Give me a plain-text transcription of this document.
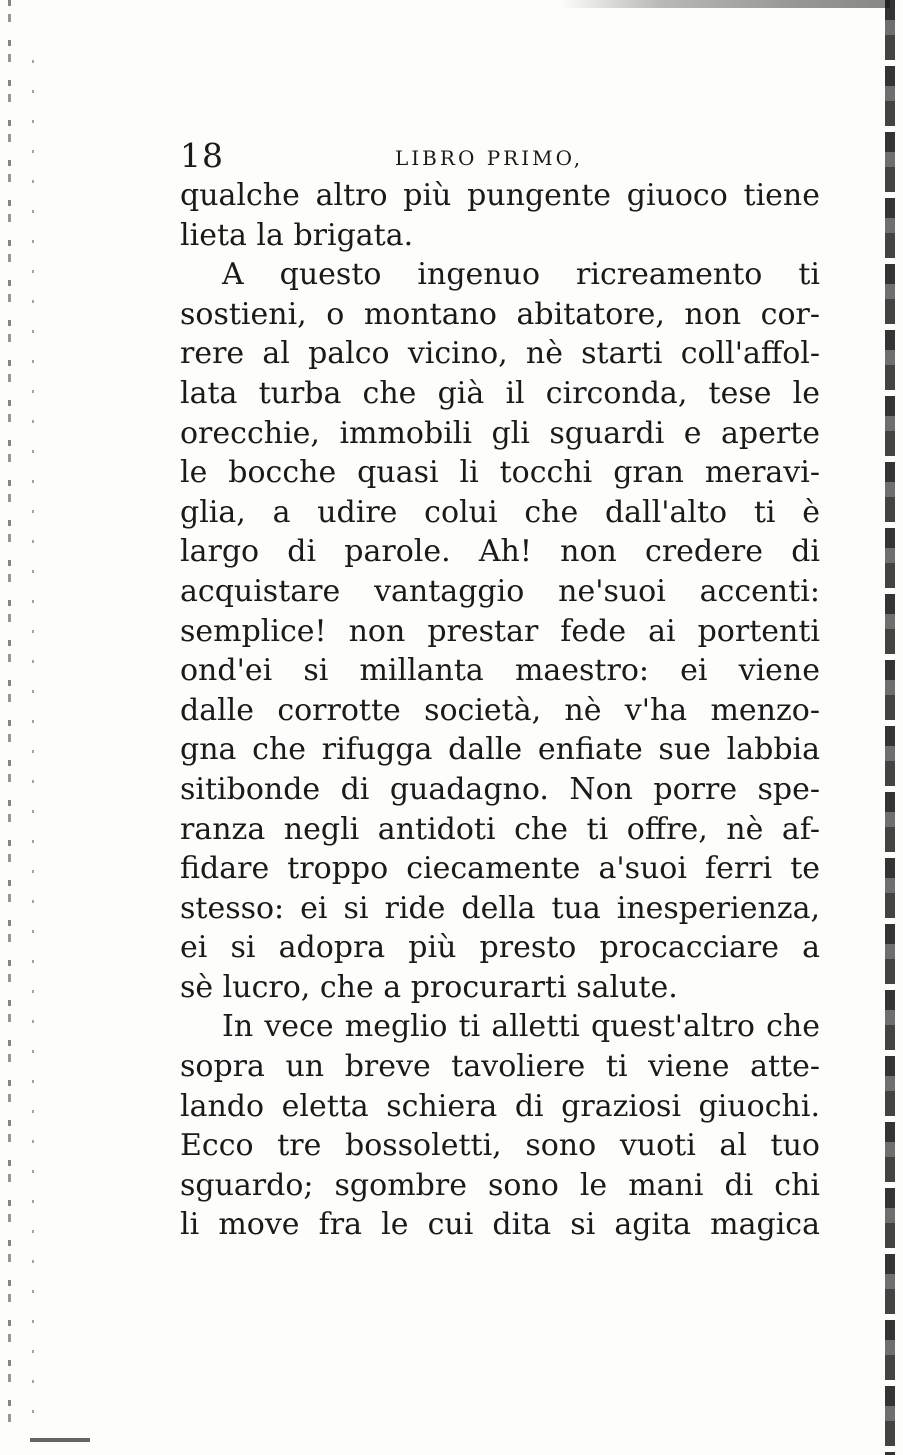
18	LIBRO PRIMO,
qualche altro più pungente giuoco tiene
lieta la brigata.
A questo ingenuo ricreamento ti
sostieni, o montano abitatore, non cor-
rere al palco vicino, nè starti coll'affol-
lata turba che già il circonda, tese le
orecchie, immobili gli sguardi e aperte
le bocche quasi li tocchi gran meravi-
glia, a udire colui che dall'alto ti è
largo di parole. Ah! non credere di
acquistare vantaggio ne'suoi accenti:
semplice! non prestar fede ai portenti
ond'ei si millanta maestro: ei viene
dalle corrotte società, nè v'ha menzo-
gna che rifugga dalle enfiate sue labbia
sitibonde di guadagno. Non porre spe-
ranza negli antidoti che ti offre, nè af-
fidare troppo ciecamente a'suoi ferri te
stesso: ei si ride della tua inesperienza,
ei si adopra più presto procacciare a
sè lucro, che a procurarti salute.
In vece meglio ti alletti quest'altro che
sopra un breve tavoliere ti viene atte-
lando eletta schiera di graziosi giuochi.
Ecco tre bossoletti, sono vuoti al tuo
sguardo; sgombre sono le mani di chi
li move fra le cui dita si agita magica
